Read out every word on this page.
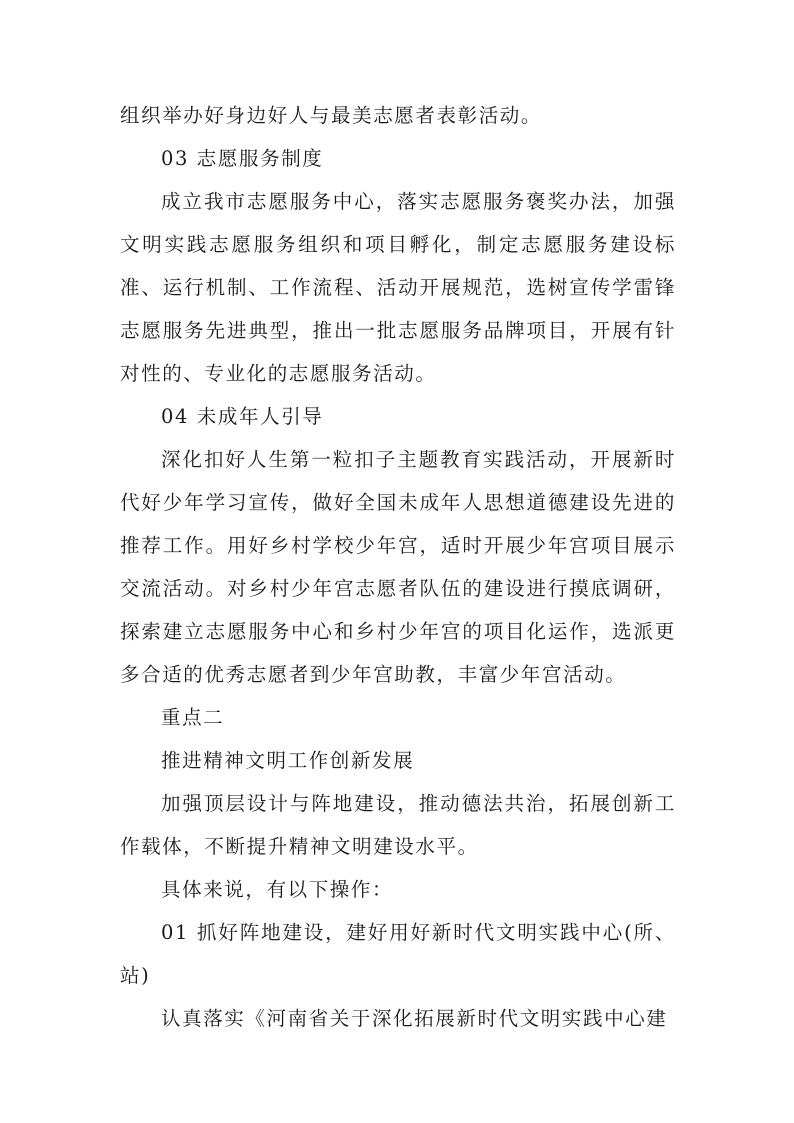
组织举办好身边好人与最美志愿者表彰活动。

03 志愿服务制度

成立我市志愿服务中心，落实志愿服务褒奖办法，加强文明实践志愿服务组织和项目孵化，制定志愿服务建设标准、运行机制、工作流程、活动开展规范，选树宣传学雷锋志愿服务先进典型，推出一批志愿服务品牌项目，开展有针对性的、专业化的志愿服务活动。

04 未成年人引导

深化扣好人生第一粒扣子主题教育实践活动，开展新时代好少年学习宣传，做好全国未成年人思想道德建设先进的推荐工作。用好乡村学校少年宫，适时开展少年宫项目展示交流活动。对乡村少年宫志愿者队伍的建设进行摸底调研，探索建立志愿服务中心和乡村少年宫的项目化运作，选派更多合适的优秀志愿者到少年宫助教，丰富少年宫活动。

重点二

推进精神文明工作创新发展

加强顶层设计与阵地建设，推动德法共治，拓展创新工作载体，不断提升精神文明建设水平。

具体来说，有以下操作：

01 抓好阵地建设，建好用好新时代文明实践中心(所、站)

认真落实《河南省关于深化拓展新时代文明实践中心建
